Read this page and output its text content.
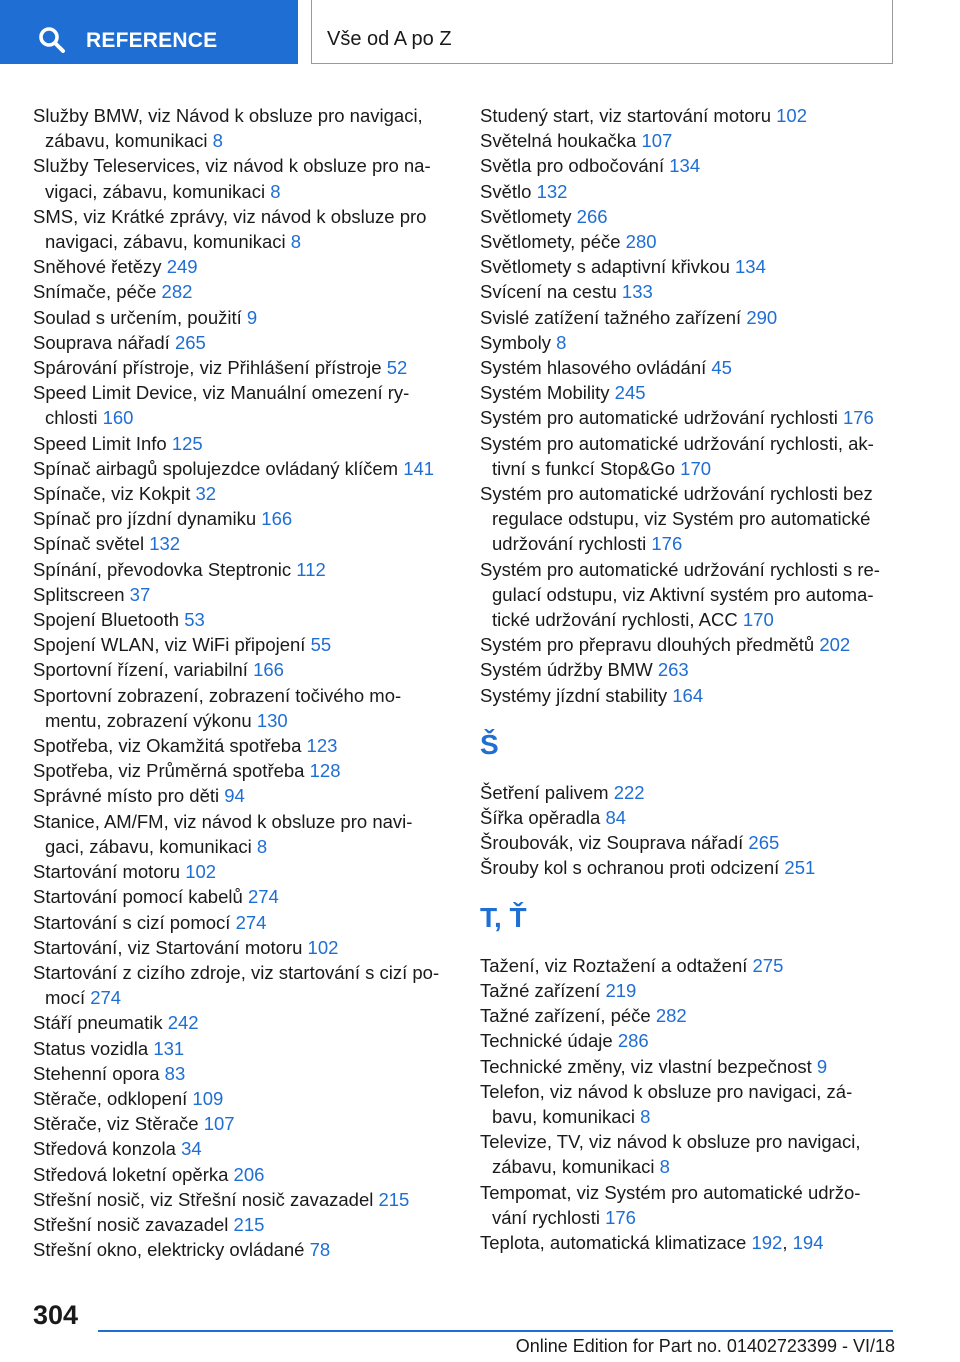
REFERENCE	Vše od A po Z
Služby BMW, viz Návod k obsluze pro navigaci,
zábavu, komunikaci 8
Služby Teleservices, viz návod k obsluze pro na‐
vigaci, zábavu, komunikaci 8
SMS, viz Krátké zprávy, viz návod k obsluze pro
navigaci, zábavu, komunikaci 8
Sněhové řetězy 249
Snímače, péče 282
Soulad s určením, použití 9
Souprava nářadí 265
Spárování přístroje, viz Přihlášení přístroje 52
Speed Limit Device, viz Manuální omezení ry‐
chlosti 160
Speed Limit Info 125
Spínač airbagů spolujezdce ovládaný klíčem 141
Spínače, viz Kokpit 32
Spínač pro jízdní dynamiku 166
Spínač světel 132
Spínání, převodovka Steptronic 112
Splitscreen 37
Spojení Bluetooth 53
Spojení WLAN, viz WiFi připojení 55
Sportovní řízení, variabilní 166
Sportovní zobrazení, zobrazení točivého mo‐
mentu, zobrazení výkonu 130
Spotřeba, viz Okamžitá spotřeba 123
Spotřeba, viz Průměrná spotřeba 128
Správné místo pro děti 94
Stanice, AM/FM, viz návod k obsluze pro navi‐
gaci, zábavu, komunikaci 8
Startování motoru 102
Startování pomocí kabelů 274
Startování s cizí pomocí 274
Startování, viz Startování motoru 102
Startování z cizího zdroje, viz startování s cizí po‐
mocí 274
Stáří pneumatik 242
Status vozidla 131
Stehenní opora 83
Stěrače, odklopení 109
Stěrače, viz Stěrače 107
Středová konzola 34
Středová loketní opěrka 206
Střešní nosič, viz Střešní nosič zavazadel 215
Střešní nosič zavazadel 215
Střešní okno, elektricky ovládané 78
Studený start, viz startování motoru 102
Světelná houkačka 107
Světla pro odbočování 134
Světlo 132
Světlomety 266
Světlomety, péče 280
Světlomety s adaptivní křivkou 134
Svícení na cestu 133
Svislé zatížení tažného zařízení 290
Symboly 8
Systém hlasového ovládání 45
Systém Mobility 245
Systém pro automatické udržování rychlosti 176
Systém pro automatické udržování rychlosti, ak‐
tivní s funkcí Stop&Go 170
Systém pro automatické udržování rychlosti bez
regulace odstupu, viz Systém pro automatické
udržování rychlosti 176
Systém pro automatické udržování rychlosti s re‐
gulací odstupu, viz Aktivní systém pro automa‐
tické udržování rychlosti, ACC 170
Systém pro přepravu dlouhých předmětů 202
Systém údržby BMW 263
Systémy jízdní stability 164
Š
Šetření palivem 222
Šířka opěradla 84
Šroubovák, viz Souprava nářadí 265
Šrouby kol s ochranou proti odcizení 251
T, Ť
Tažení, viz Roztažení a odtažení 275
Tažné zařízení 219
Tažné zařízení, péče 282
Technické údaje 286
Technické změny, viz vlastní bezpečnost 9
Telefon, viz návod k obsluze pro navigaci, zá‐
bavu, komunikaci 8
Televize, TV, viz návod k obsluze pro navigaci,
zábavu, komunikaci 8
Tempomat, viz Systém pro automatické udržo‐
vání rychlosti 176
Teplota, automatická klimatizace 192, 194
304
Online Edition for Part no. 01402723399 - VI/18
